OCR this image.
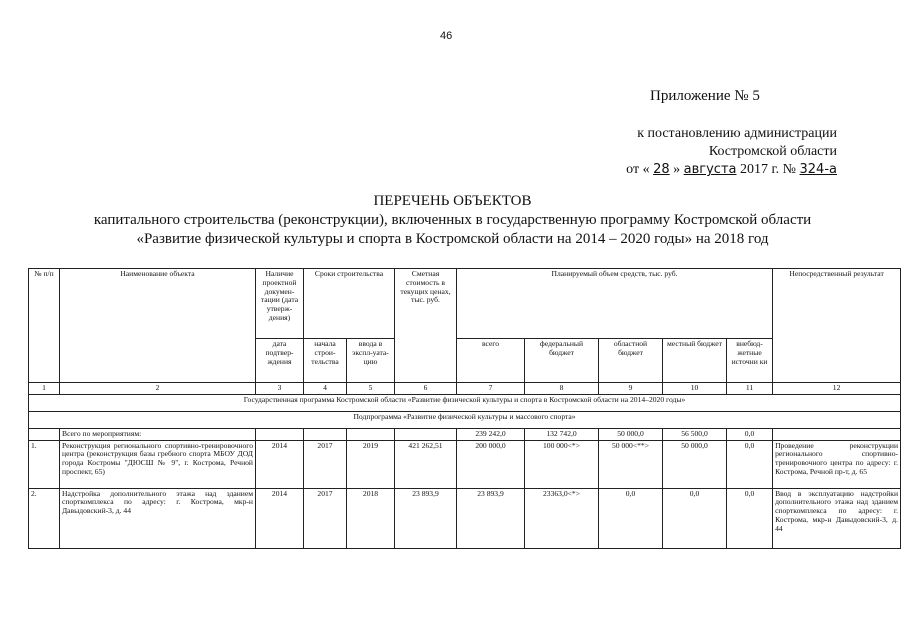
46
Приложение № 5
к постановлению администрации
Костромской области
от « 28 » августа 2017 г. № 324-а
ПЕРЕЧЕНЬ ОБЪЕКТОВ
капитального строительства (реконструкции), включенных в государственную программу Костромской области
«Развитие физической культуры и спорта в Костромской области на 2014 – 2020 годы» на 2018 год
№ п/п	Наименование объекта	Наличие проектной докумен-тации (дата утверж-дения)	Сроки строительства		Сметная стоимость в текущих ценах, тыс. руб.	Планируемый объем средств, тыс. руб.					Непосредственный результат
		дата подтвер-ждения	начала строи-тельства	ввода в экспл-уата-цию		всего	федеральный бюджет	областной бюджет	местный бюджет	внебюд-жетные источни ки	
1	2	3	4	5	6	7	8	9	10	11	12
Государственная программа Костромской области «Развитие физической культуры и спорта в Костромской области на 2014–2020 годы»											
Подпрограмма «Развитие физической культуры и массового спорта»											
	Всего по мероприятиям:					239 242,0	132 742,0	50 000,0	56 500,0	0,0	
1.	Реконструкция регионального спортивно-тренировочного центра (реконструкция базы гребного спорта МБОУ ДОД города Костромы "ДЮСШ № 9", г. Кострома, Речной проспект, 65)	2014	2017	2019	421 262,51	200 000,0	100 000<*>	50 000<**>	50 000,0	0,0	Проведение реконструкции регионального спортивно-тренировочного центра по адресу: г. Кострома, Речной пр-т, д. 65
2.	Надстройка дополнительного этажа над зданием спорткомплекса по адресу: г. Кострома, мкр-н Давыдовский-3, д. 44	2014	2017	2018	23 893,9	23 893,9	23363,0<*>	0,0	0,0	0,0	Ввод в эксплуатацию надстройки дополнительного этажа над зданием спорткомплекса по адресу: г. Кострома, мкр-н Давыдовский-3, д. 44
